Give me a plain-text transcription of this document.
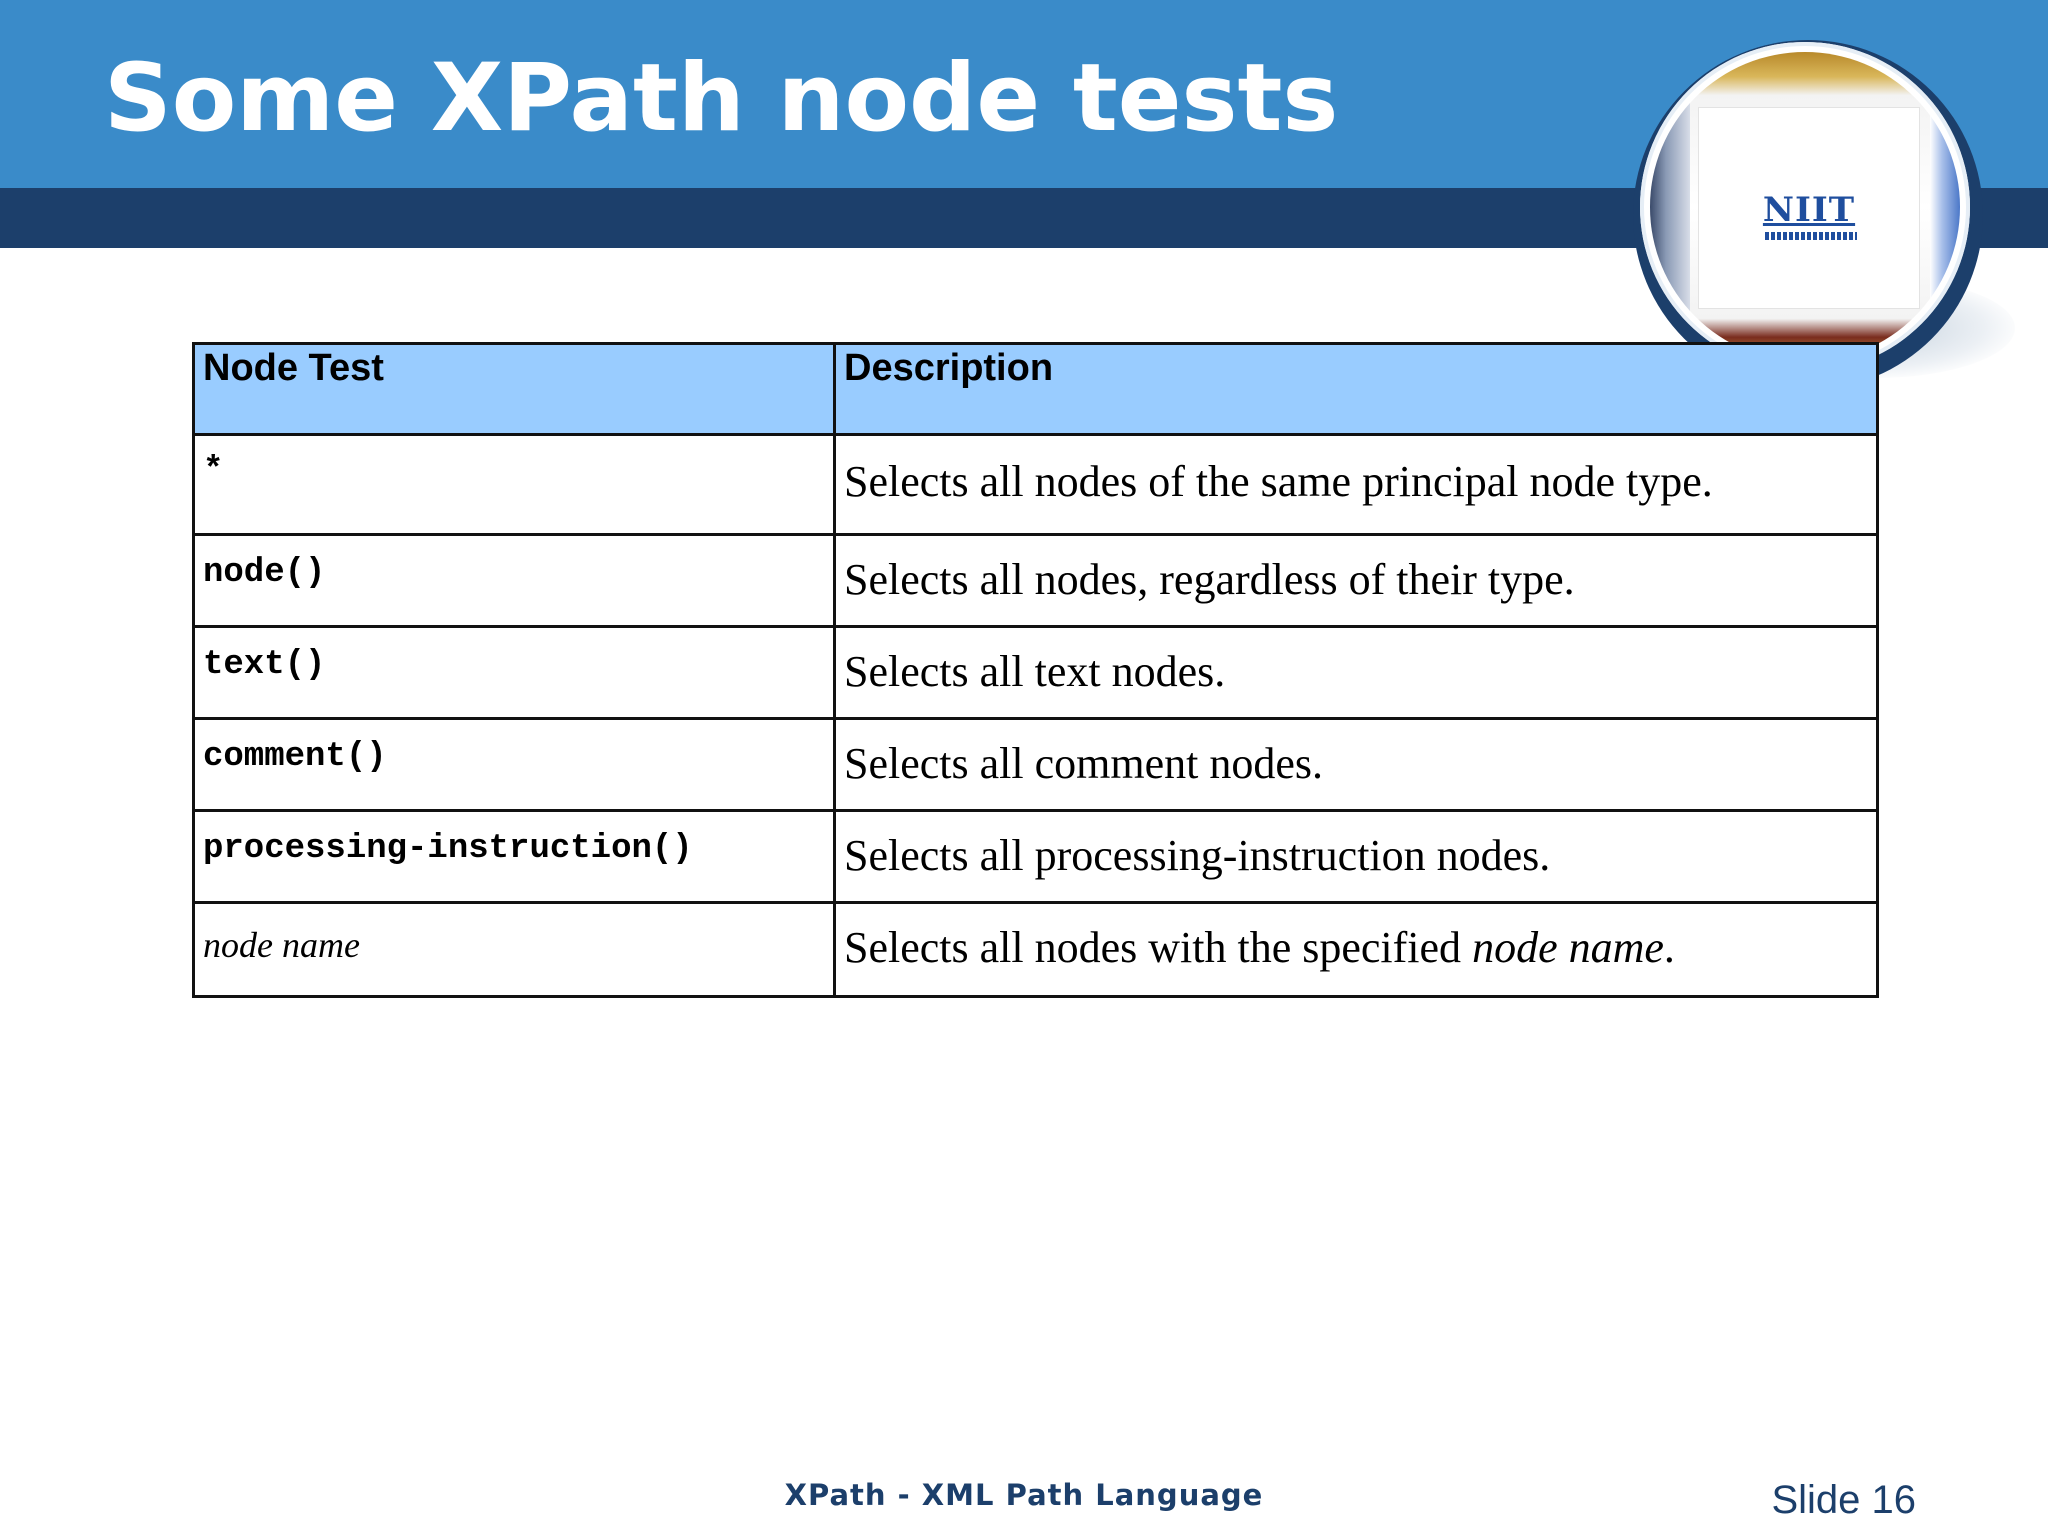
Some XPath node tests
NIIT
Node Test	Description
*	Selects all nodes of the same principal node type.
node()	Selects all nodes, regardless of their type.
text()	Selects all text nodes.
comment()	Selects all comment nodes.
processing-instruction()	Selects all processing-instruction nodes.
node name	Selects all nodes with the specified node name.
XPath - XML Path Language	Slide 16
